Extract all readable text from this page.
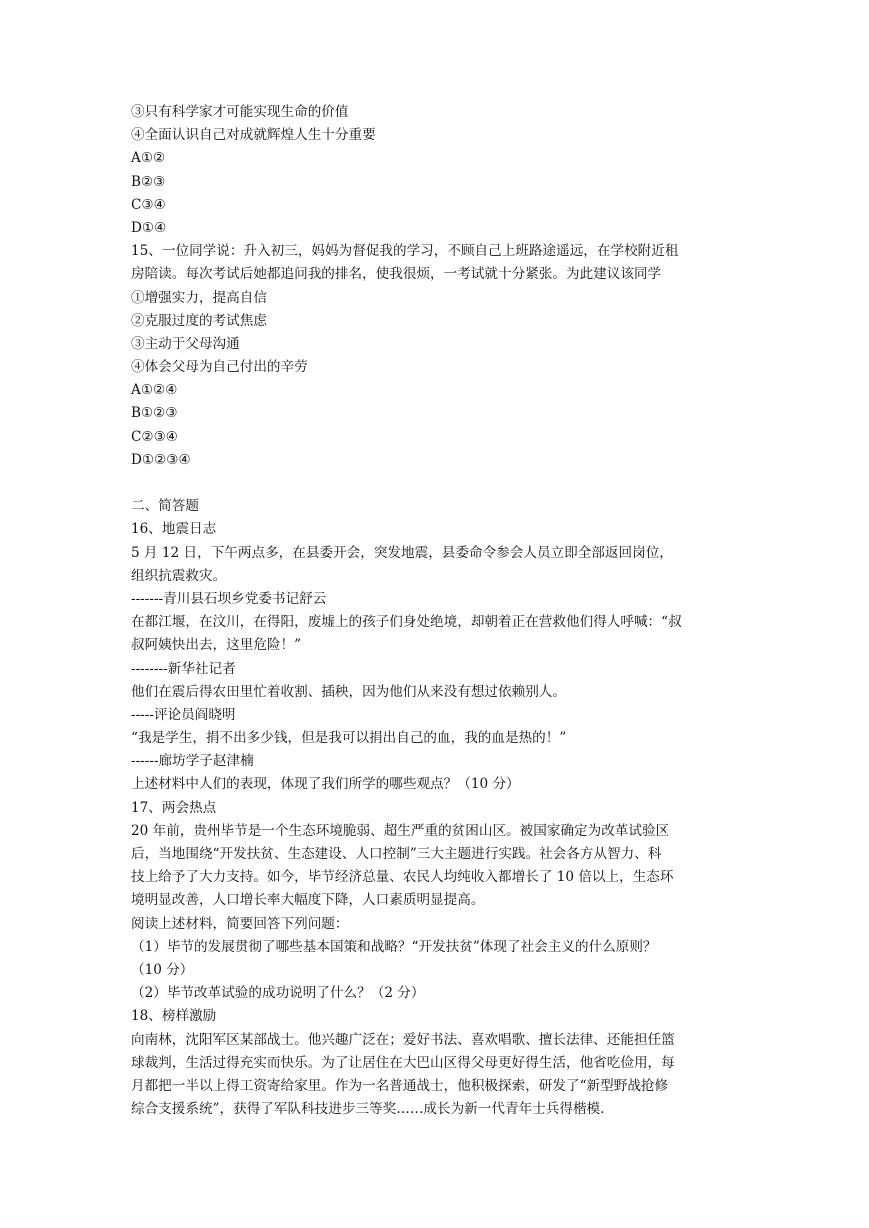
③只有科学家才可能实现生命的价值
④全面认识自己对成就辉煌人生十分重要
A①②
B②③
C③④
D①④
15、一位同学说：升入初三，妈妈为督促我的学习，不顾自己上班路途遥远，在学校附近租
房陪读。每次考试后她都追问我的排名，使我很烦，一考试就十分紧张。为此建议该同学
①增强实力，提高自信
②克服过度的考试焦虑
③主动于父母沟通
④体会父母为自己付出的辛劳
A①②④
B①②③
C②③④
D①②③④
二、简答题
16、地震日志
5 月 12 日，下午两点多，在县委开会，突发地震，县委命令参会人员立即全部返回岗位，
组织抗震救灾。
-------青川县石坝乡党委书记舒云
在都江堰，在汶川，在得阳，废墟上的孩子们身处绝境，却朝着正在营救他们得人呼喊：“叔
叔阿姨快出去，这里危险！”
--------新华社记者
他们在震后得农田里忙着收割、插秧，因为他们从来没有想过依赖别人。
-----评论员阎晓明
“我是学生，捐不出多少钱，但是我可以捐出自己的血，我的血是热的！”
------廊坊学子赵津楠
上述材料中人们的表现，体现了我们所学的哪些观点？（10 分）
17、两会热点
20 年前，贵州毕节是一个生态环境脆弱、超生严重的贫困山区。被国家确定为改革试验区
后，当地围绕“开发扶贫、生态建设、人口控制”三大主题进行实践。社会各方从智力、科
技上给予了大力支持。如今，毕节经济总量、农民人均纯收入都增长了 10 倍以上，生态环
境明显改善，人口增长率大幅度下降，人口素质明显提高。
阅读上述材料，简要回答下列问题：
（1）毕节的发展贯彻了哪些基本国策和战略？“开发扶贫”体现了社会主义的什么原则？
（10 分）
（2）毕节改革试验的成功说明了什么？（2 分）
18、榜样激励
向南林，沈阳军区某部战士。他兴趣广泛在；爱好书法、喜欢唱歌、擅长法律、还能担任篮
球裁判，生活过得充实而快乐。为了让居住在大巴山区得父母更好得生活，他省吃俭用，每
月都把一半以上得工资寄给家里。作为一名普通战士，他积极探索，研发了“新型野战抢修
综合支援系统”，获得了军队科技进步三等奖……成长为新一代青年士兵得楷模.
